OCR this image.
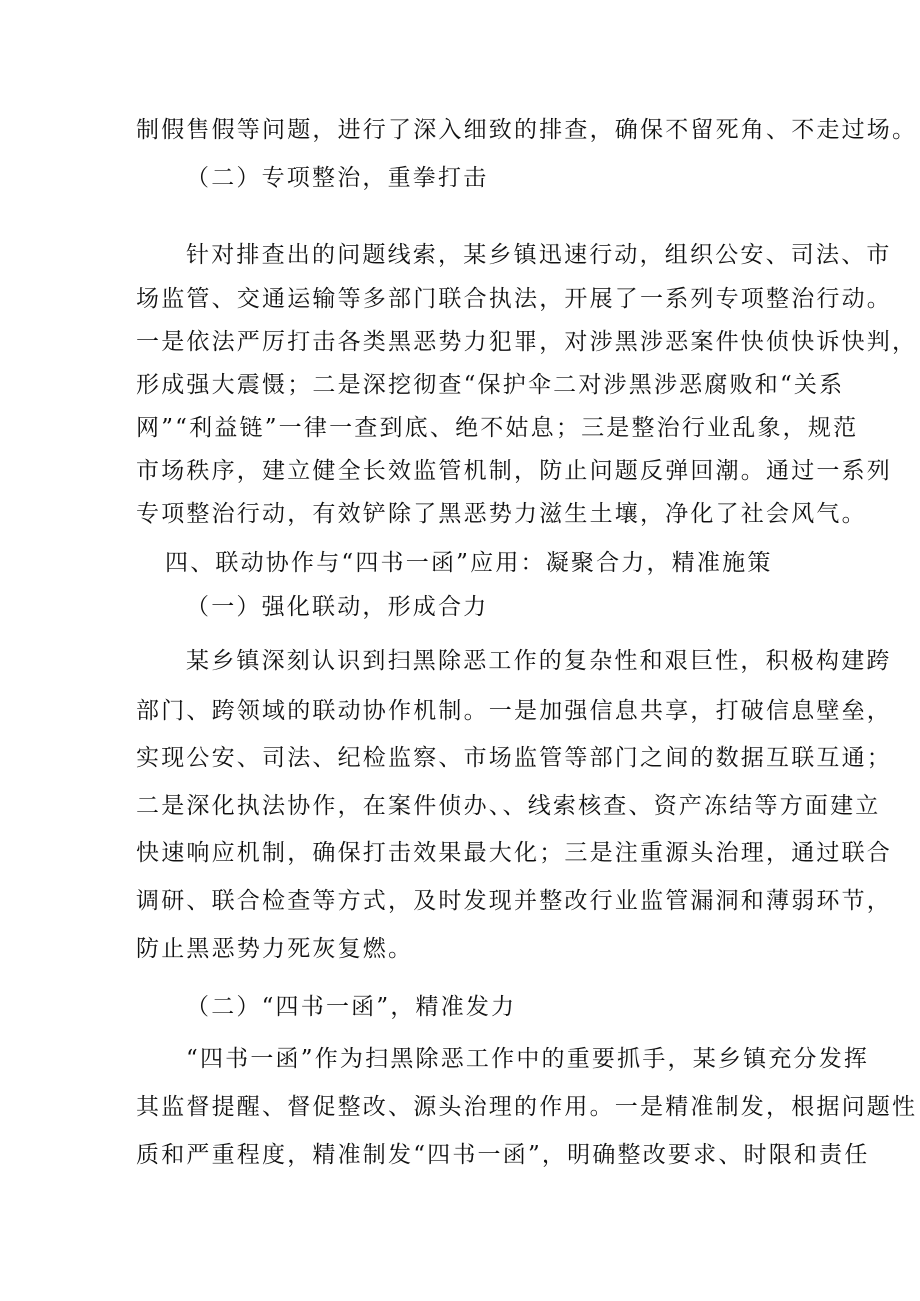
制假售假等问题，进行了深入细致的排查，确保不留死角、不走过场。
（二）专项整治，重拳打击
针对排查出的问题线索，某乡镇迅速行动，组织公安、司法、市
场监管、交通运输等多部门联合执法，开展了一系列专项整治行动。
一是依法严厉打击各类黑恶势力犯罪，对涉黑涉恶案件快侦快诉快判，
形成强大震慑；二是深挖彻查“保护伞二对涉黑涉恶腐败和“关系
网”“利益链”一律一查到底、绝不姑息；三是整治行业乱象，规范
市场秩序，建立健全长效监管机制，防止问题反弹回潮。通过一系列
专项整治行动，有效铲除了黑恶势力滋生土壤，净化了社会风气。
四、联动协作与“四书一函”应用：凝聚合力，精准施策
（一）强化联动，形成合力
某乡镇深刻认识到扫黑除恶工作的复杂性和艰巨性，积极构建跨
部门、跨领域的联动协作机制。一是加强信息共享，打破信息壁垒，
实现公安、司法、纪检监察、市场监管等部门之间的数据互联互通；
二是深化执法协作，在案件侦办、、线索核查、资产冻结等方面建立
快速响应机制，确保打击效果最大化；三是注重源头治理，通过联合
调研、联合检查等方式，及时发现并整改行业监管漏洞和薄弱环节，
防止黑恶势力死灰复燃。
（二）“四书一函”，精准发力
“四书一函”作为扫黑除恶工作中的重要抓手，某乡镇充分发挥
其监督提醒、督促整改、源头治理的作用。一是精准制发，根据问题性
质和严重程度，精准制发“四书一函”，明确整改要求、时限和责任
